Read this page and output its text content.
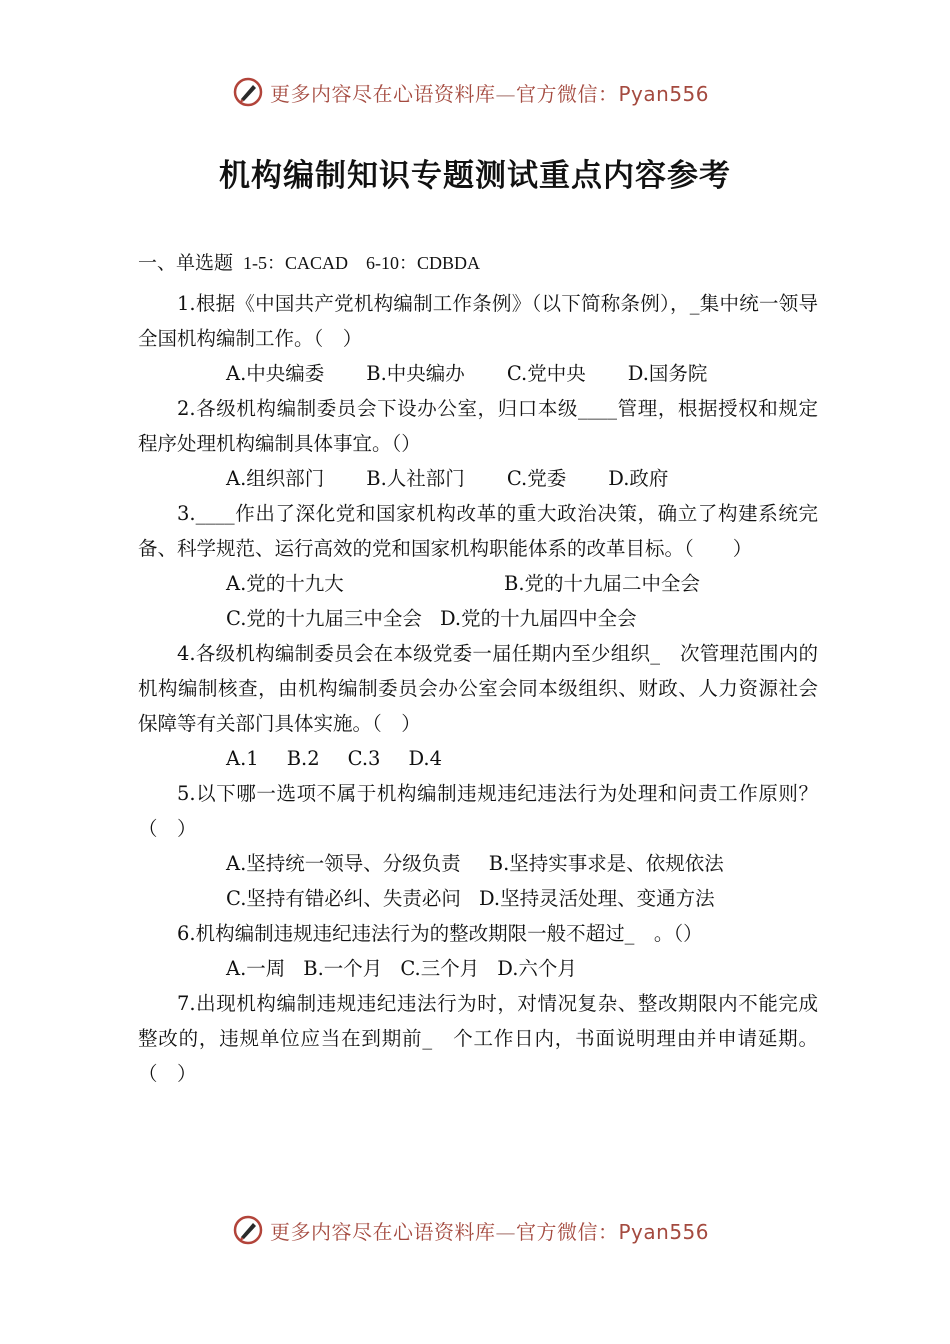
更多内容尽在心语资料库—官方微信：Pyan556
机构编制知识专题测试重点内容参考
一、单选题 1-5：CACAD　6-10：CDBDA

1.根据《中国共产党机构编制工作条例》（以下简称条例），_集中统一领导全国机构编制工作。（　）

A.中央编委 B.中央编办 C.党中央 D.国务院

2.各级机构编制委员会下设办公室，归口本级____管理，根据授权和规定程序处理机构编制具体事宜。（）

A.组织部门 B.人社部门 C.党委 D.政府

3.____作出了深化党和国家机构改革的重大政治决策，确立了构建系统完备、科学规范、运行高效的党和国家机构职能体系的改革目标。（　　）

A.党的十九大	B.党的十九届二中全会

C.党的十九届三中全会 D.党的十九届四中全会

4.各级机构编制委员会在本级党委一届任期内至少组织_　次管理范围内的机构编制核查，由机构编制委员会办公室会同本级组织、财政、人力资源社会保障等有关部门具体实施。（　）

A.1 B.2 C.3 D.4

5.以下哪一选项不属于机构编制违规违纪违法行为处理和问责工作原则？（　）

A.坚持统一领导、分级负责 B.坚持实事求是、依规依法

C.坚持有错必纠、失责必问 D.坚持灵活处理、变通方法

6.机构编制违规违纪违法行为的整改期限一般不超过_　。（）

A.一周 B.一个月 C.三个月 D.六个月

7.出现机构编制违规违纪违法行为时，对情况复杂、整改期限内不能完成整改的，违规单位应当在到期前_　个工作日内，书面说明理由并申请延期。（　）

更多内容尽在心语资料库—官方微信：Pyan556
